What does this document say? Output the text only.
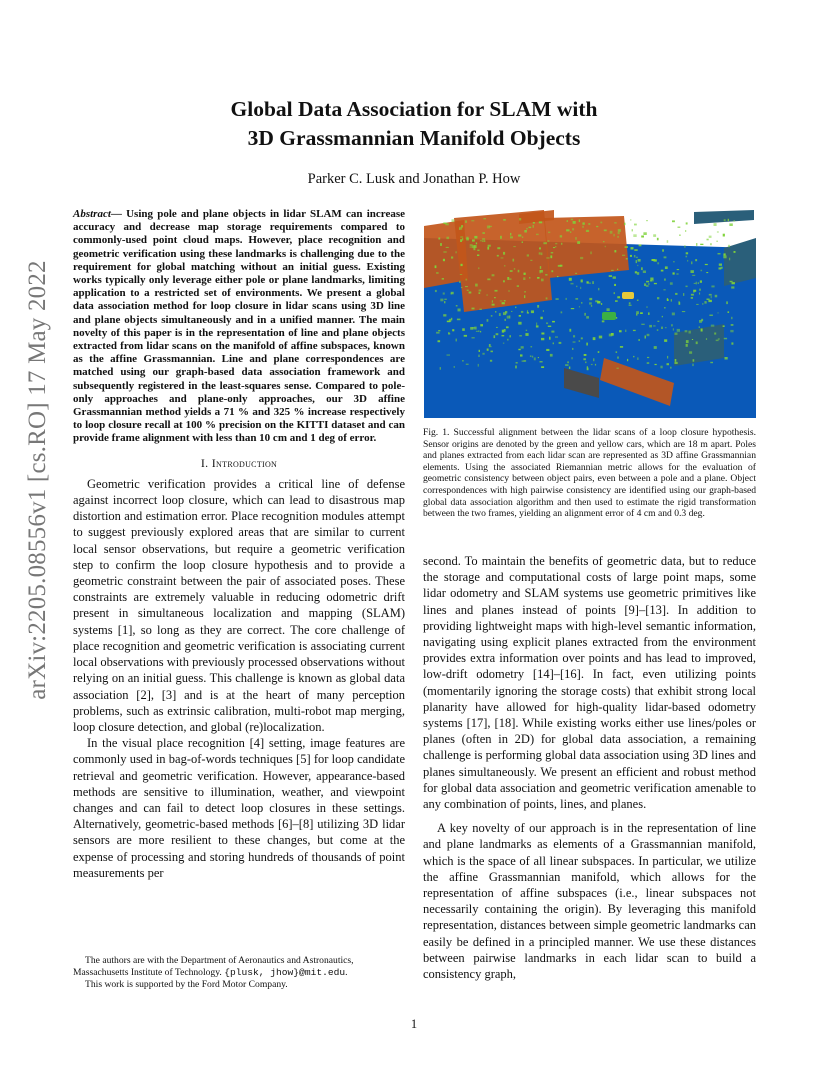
arXiv:2205.08556v1 [cs.RO] 17 May 2022
Global Data Association for SLAM with
3D Grassmannian Manifold Objects
Parker C. Lusk and Jonathan P. How

Abstract— Using pole and plane objects in lidar SLAM can increase accuracy and decrease map storage requirements compared to commonly-used point cloud maps. However, place recognition and geometric verification using these landmarks is challenging due to the requirement for global matching without an initial guess. Existing works typically only leverage either pole or plane landmarks, limiting application to a restricted set of environments. We present a global data association method for loop closure in lidar scans using 3D line and plane objects simultaneously and in a unified manner. The main novelty of this paper is in the representation of line and plane objects extracted from lidar scans on the manifold of affine subspaces, known as the affine Grassmannian. Line and plane correspondences are matched using our graph-based data association framework and subsequently registered in the least-squares sense. Compared to pole-only approaches and plane-only approaches, our 3D affine Grassmannian method yields a 71 % and 325 % increase respectively to loop closure recall at 100 % precision on the KITTI dataset and can provide frame alignment with less than 10 cm and 1 deg of error.

I. Introduction

Geometric verification provides a critical line of defense against incorrect loop closure, which can lead to disastrous map distortion and estimation error. Place recognition modules attempt to suggest previously explored areas that are similar to current local sensor observations, but require a geometric verification step to confirm the loop closure hypothesis and to provide a geometric constraint between the pair of associated poses. These constraints are extremely valuable in reducing odometric drift present in simultaneous localization and mapping (SLAM) systems [1], so long as they are correct. The core challenge of place recognition and geometric verification is associating current local observations with previously processed observations without relying on an initial guess. This challenge is known as global data association [2], [3] and is at the heart of many perception problems, such as extrinsic calibration, multi-robot map merging, loop closure detection, and global (re)localization.

In the visual place recognition [4] setting, image features are commonly used in bag-of-words techniques [5] for loop candidate retrieval and geometric verification. However, appearance-based methods are sensitive to illumination, weather, and viewpoint changes and can fail to detect loop closures in these settings. Alternatively, geometric-based methods [6]–[8] utilizing 3D lidar sensors are more resilient to these changes, but come at the expense of processing and storing hundreds of thousands of point measurements per

The authors are with the Department of Aeronautics and Astronautics, Massachusetts Institute of Technology. {plusk, jhow}@mit.edu.

This work is supported by the Ford Motor Company.

Fig. 1. Successful alignment between the lidar scans of a loop closure hypothesis. Sensor origins are denoted by the green and yellow cars, which are 18 m apart. Poles and planes extracted from each lidar scan are represented as 3D affine Grassmannian elements. Using the associated Riemannian metric allows for the evaluation of geometric consistency between object pairs, even between a pole and a plane. Object correspondences with high pairwise consistency are identified using our graph-based global data association algorithm and then used to estimate the rigid transformation between the two frames, yielding an alignment error of 4 cm and 0.3 deg.

second. To maintain the benefits of geometric data, but to reduce the storage and computational costs of large point maps, some lidar odometry and SLAM systems use geometric primitives like lines and planes instead of points [9]–[13]. In addition to providing lightweight maps with high-level semantic information, navigating using explicit planes extracted from the environment provides extra information over points and has lead to improved, low-drift odometry [14]–[16]. In fact, even utilizing points (momentarily ignoring the storage costs) that exhibit strong local planarity have allowed for high-quality lidar-based odometry systems [17], [18]. While existing works either use lines/poles or planes (often in 2D) for global data association, a remaining challenge is performing global data association using 3D lines and planes simultaneously. We present an efficient and robust method for global data association and geometric verification amenable to any combination of points, lines, and planes.

A key novelty of our approach is in the representation of line and plane landmarks as elements of a Grassmannian manifold, which is the space of all linear subspaces. In particular, we utilize the affine Grassmannian manifold, which allows for the representation of affine subspaces (i.e., linear subspaces not necessarily containing the origin). By leveraging this manifold representation, distances between simple geometric landmarks can easily be defined in a principled manner. We use these distances between pairwise landmarks in each lidar scan to build a consistency graph,

1
